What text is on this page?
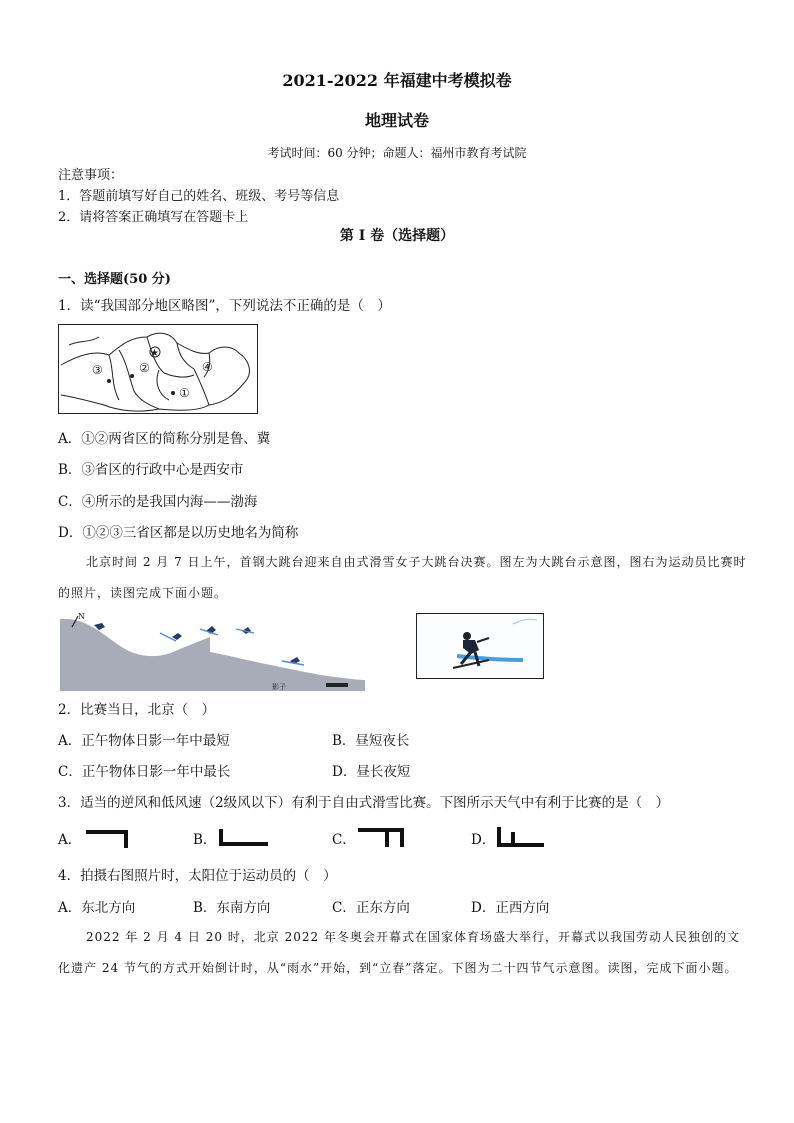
2021-2022 年福建中考模拟卷
地理试卷
考试时间：60 分钟；命题人：福州市教育考试院
注意事项：
1．答题前填写好自己的姓名、班级、考号等信息
2．请将答案正确填写在答题卡上
第 I 卷（选择题）
一、选择题(50 分)
1．读“我国部分地区略图”，下列说法不正确的是（　）
★
③	②	④
①
A．①②两省区的简称分别是鲁、冀
B．③省区的行政中心是西安市
C．④所示的是我国内海——渤海
D．①②③三省区都是以历史地名为简称
北京时间 2 月 7 日上午，首钢大跳台迎来自由式滑雪女子大跳台决赛。图左为大跳台示意图，图右为运动员比赛时的照片，读图完成下面小题。
N
影子
2．比赛当日，北京（　）
A．正午物体日影一年中最短	B．昼短夜长
C．正午物体日影一年中最长	D．昼长夜短
3．适当的逆风和低风速（2级风以下）有利于自由式滑雪比赛。下图所示天气中有利于比赛的是（　）
A．	B．	C．	D．
4．拍摄右图照片时，太阳位于运动员的（　）
A．东北方向	B．东南方向	C．正东方向	D．正西方向
2022 年 2 月 4 日 20 时，北京 2022 年冬奥会开幕式在国家体育场盛大举行，开幕式以我国劳动人民独创的文化遗产 24 节气的方式开始倒计时，从“雨水”开始，到“立春”落定。下图为二十四节气示意图。读图，完成下面小题。
